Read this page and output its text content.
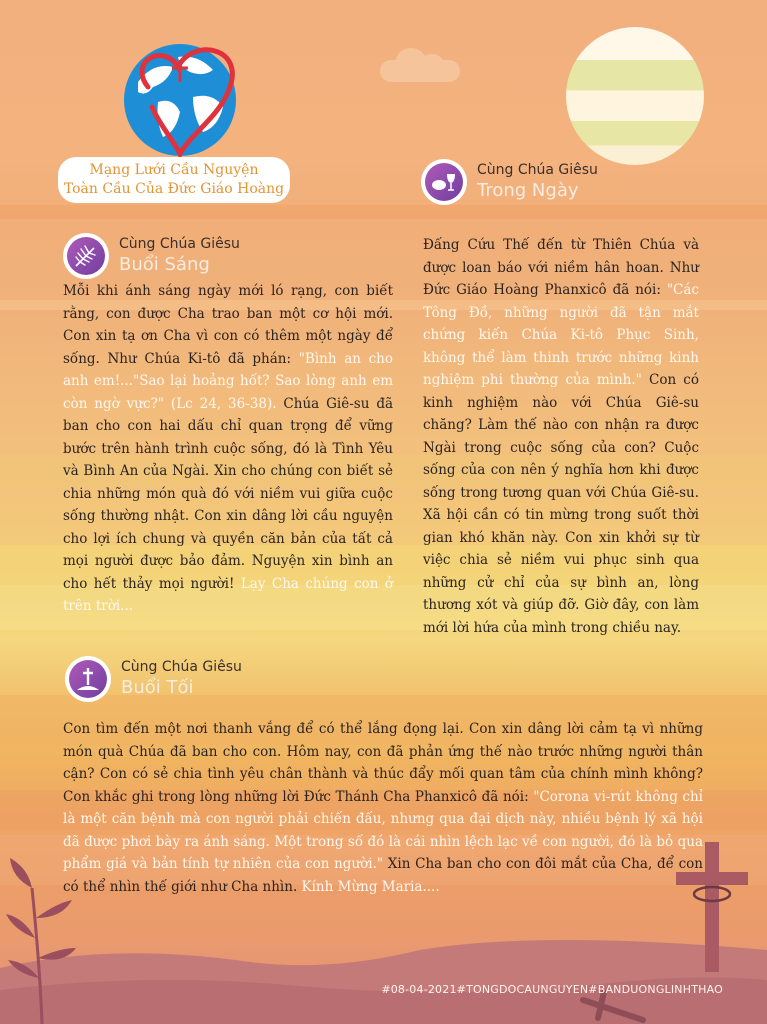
Mạng Lưới Cầu Nguyện
Toàn Cầu Của Đức Giáo Hoàng
Cùng Chúa Giêsu
Buổi Sáng
Mỗi khi ánh sáng ngày mới ló rạng, con biết rằng, con được Cha trao ban một cơ hội mới. Con xin tạ ơn Cha vì con có thêm một ngày để sống. Như Chúa Ki-tô đã phán: "Bình an cho anh em!..."Sao lại hoảng hốt? Sao lòng anh em còn ngờ vực?" (Lc 24, 36-38). Chúa Giê-su đã ban cho con hai dấu chỉ quan trọng để vững bước trên hành trình cuộc sống, đó là Tình Yêu và Bình An của Ngài. Xin cho chúng con biết sẻ chia những món quà đó với niềm vui giữa cuộc sống thường nhật. Con xin dâng lời cầu nguyện cho lợi ích chung và quyền căn bản của tất cả mọi người được bảo đảm. Nguyện xin bình an cho hết thảy mọi người! Lạy Cha chúng con ở trên trời...
Cùng Chúa Giêsu
Trong Ngày
Đấng Cứu Thế đến từ Thiên Chúa và được loan báo với niềm hân hoan. Như Đức Giáo Hoàng Phanxicô đã nói: "Các Tông Đồ, những người đã tận mắt chứng kiến Chúa Ki-tô Phục Sinh, không thể làm thinh trước những kinh nghiệm phi thường của mình." Con có kinh nghiệm nào với Chúa Giê-su chăng? Làm thế nào con nhận ra được Ngài trong cuộc sống của con? Cuộc sống của con nên ý nghĩa hơn khi được sống trong tương quan với Chúa Giê-su. Xã hội cần có tin mừng trong suốt thời gian khó khăn này. Con xin khởi sự từ việc chia sẻ niềm vui phục sinh qua những cử chỉ của sự bình an, lòng thương xót và giúp đỡ. Giờ đây, con làm mới lời hứa của mình trong chiều nay.
Cùng Chúa Giêsu
Buổi Tối
Con tìm đến một nơi thanh vắng để có thể lắng đọng lại. Con xin dâng lời cảm tạ vì những món quà Chúa đã ban cho con. Hôm nay, con đã phản ứng thế nào trước những người thân cận? Con có sẻ chia tình yêu chân thành và thúc đẩy mối quan tâm của chính mình không? Con khắc ghi trong lòng những lời Đức Thánh Cha Phanxicô đã nói: "Corona vi-rút không chỉ là một căn bệnh mà con người phải chiến đấu, nhưng qua đại dịch này, nhiều bệnh lý xã hội đã được phơi bày ra ánh sáng. Một trong số đó là cái nhìn lệch lạc về con người, đó là bỏ qua phẩm giá và bản tính tự nhiên của con người." Xin Cha ban cho con đôi mắt của Cha, để con có thể nhìn thế giới như Cha nhìn. Kính Mừng Maria....
#08-04-2021#TONGDOCAUNGUYEN#BANDUONGLINHTHAO
